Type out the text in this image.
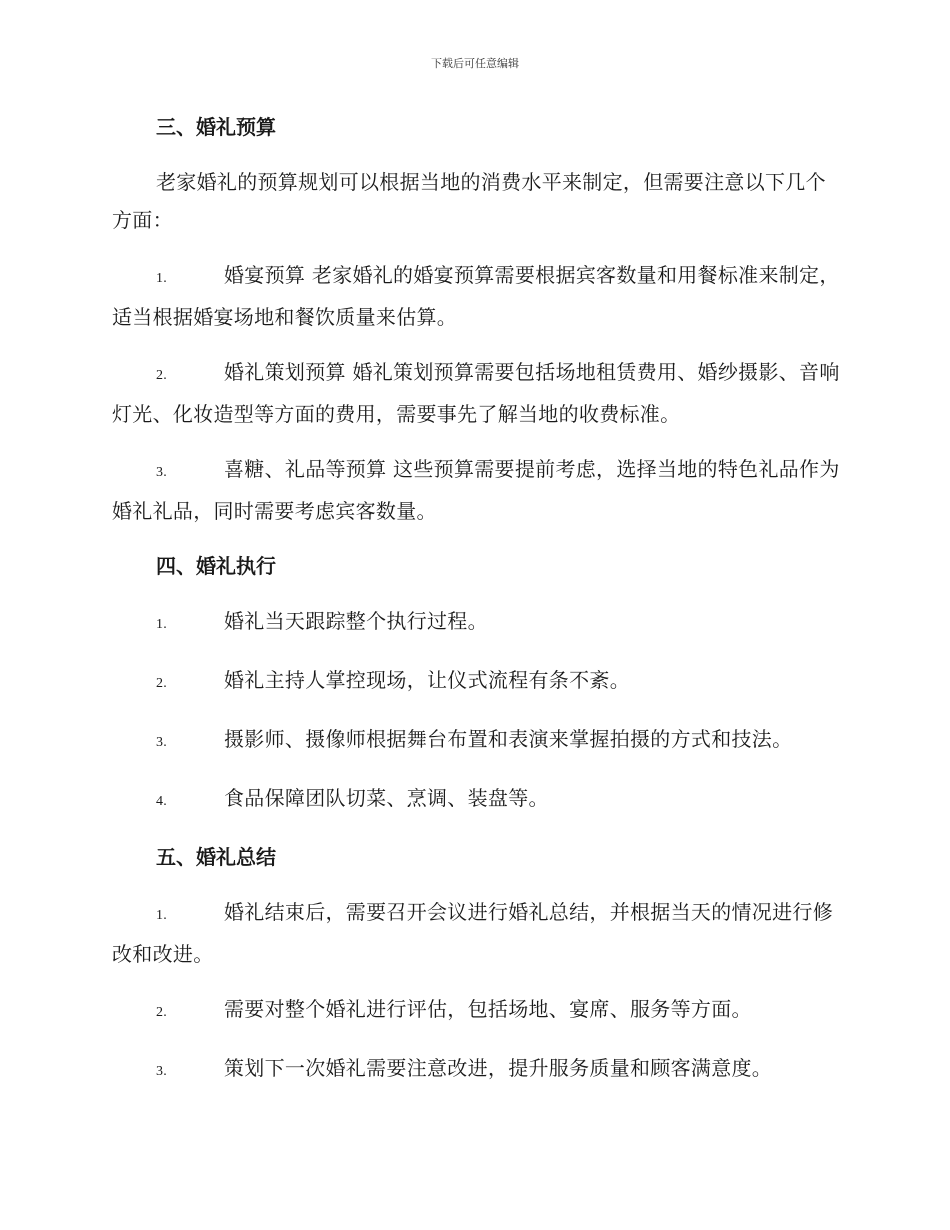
下载后可任意编辑
三、婚礼预算

老家婚礼的预算规划可以根据当地的消费水平来制定，但需要注意以下几个方面：

1.	婚宴预算 老家婚礼的婚宴预算需要根据宾客数量和用餐标准来制定，适当根据婚宴场地和餐饮质量来估算。

2.	婚礼策划预算 婚礼策划预算需要包括场地租赁费用、婚纱摄影、音响灯光、化妆造型等方面的费用，需要事先了解当地的收费标准。

3.	喜糖、礼品等预算 这些预算需要提前考虑，选择当地的特色礼品作为婚礼礼品，同时需要考虑宾客数量。

四、婚礼执行

1.	婚礼当天跟踪整个执行过程。

2.	婚礼主持人掌控现场，让仪式流程有条不紊。

3.	摄影师、摄像师根据舞台布置和表演来掌握拍摄的方式和技法。

4.	食品保障团队切菜、烹调、装盘等。

五、婚礼总结

1.	婚礼结束后，需要召开会议进行婚礼总结，并根据当天的情况进行修改和改进。

2.	需要对整个婚礼进行评估，包括场地、宴席、服务等方面。

3.	策划下一次婚礼需要注意改进，提升服务质量和顾客满意度。
